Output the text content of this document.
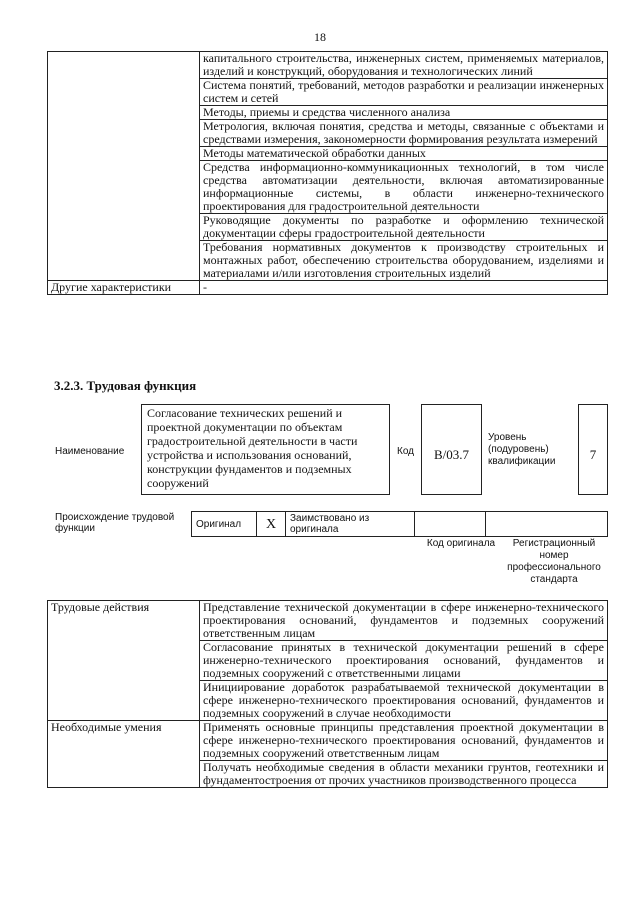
18
	капитального строительства, инженерных систем, применяемых материалов, изделий и конструкций, оборудования и технологических линий
	Система понятий, требований, методов разработки и реализации инженерных систем и сетей
	Методы, приемы и средства численного анализа
	Метрология, включая понятия, средства и методы, связанные с объектами и средствами измерения, закономерности формирования результата измерений
	Методы математической обработки данных
	Средства информационно-коммуникационных технологий, в том числе средства автоматизации деятельности, включая автоматизированные информационные системы, в области инженерно-технического проектирования для градостроительной деятельности
	Руководящие документы по разработке и оформлению технической документации сферы градостроительной деятельности
	Требования нормативных документов к производству строительных и монтажных работ, обеспечению строительства оборудованием, изделиями и материалами и/или изготовления строительных изделий
Другие характеристики	-
3.2.3. Трудовая функция
Наименование
Согласование технических решений и проектной документации по объектам градостроительной деятельности в части устройства и использования оснований, конструкции фундаментов и подземных сооружений
Код	B/03.7
Уровень (подуровень) квалификации	7
Происхождение трудовой функции	Оригинал	X	Заимствовано из оригинала		
Код оригинала	Регистрационный номер профессионального стандарта
Трудовые действия	Представление технической документации в сфере инженерно-технического проектирования оснований, фундаментов и подземных сооружений ответственным лицам
	Согласование принятых в технической документации решений в сфере инженерно-технического проектирования оснований, фундаментов и подземных сооружений с ответственными лицами
	Инициирование доработок разрабатываемой технической документации в сфере инженерно-технического проектирования оснований, фундаментов и подземных сооружений в случае необходимости
Необходимые умения	Применять основные принципы представления проектной документации в сфере инженерно-технического проектирования оснований, фундаментов и подземных сооружений ответственным лицам
	Получать необходимые сведения в области механики грунтов, геотехники и фундаментостроения от прочих участников производственного процесса
